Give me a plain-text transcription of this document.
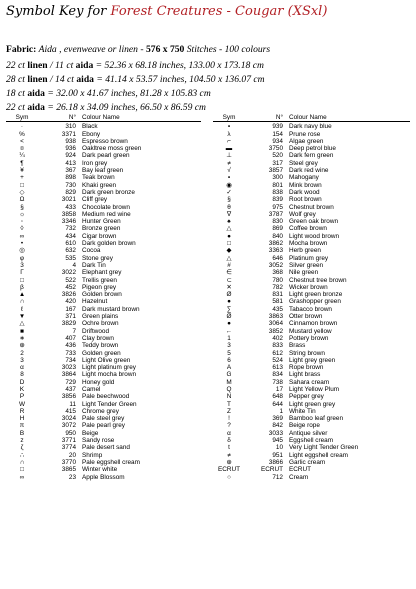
Symbol Key for Forest Creatures - Cougar (XSxl)
Fabric: Aida , evenweave or linen - 576 x 750 Stitches - 100 colours
22 ct linen / 11 ct aida = 52.36 x 68.18 inches, 133.00 x 173.18 cm
28 ct linen / 14 ct aida = 41.14 x 53.57 inches, 104.50 x 136.07 cm
18 ct aida = 32.00 x 41.67 inches, 81.28 x 105.83 cm
22 ct aida = 26.18 x 34.09 inches, 66.50 x 86.59 cm
Sym	N° Colour Name
·	310 Black
%	3371 Ebony
<	938 Espresso brown
¤	936 Oakltree moss green
¼	924 Dark pearl green
¶	413 Iron grey
¥	367 Bay leaf green
+	898 Teak brown
□	730 Khaki green
◇	829 Dark green bronze
Ω	3021 Cliff grey
§	433 Chocolate brown
☼	3858 Medium red wine
◦	3346 Hunter Green
◊	732 Bronze green
∞	434 Cigar brown
•	610 Dark golden brown
◎	632 Cocoa
φ	535 Stone grey
3	4 Dark Tin
Γ	3022 Elephant grey
□	522 Trellis green
β	452 Pigeon grey
▲	3826 Golden brown
∩	420 Hazelnut
ℓ	167 Dark mustard brown
▼	371 Green plains
△	3829 Ochre brown
■	7 Driftwood
∗	407 Clay brown
⊕	436 Teddy brown
2	733 Golden green
3	734 Light Olive green
α	3023 Light platinum grey
8	3864 Light mocha brown
D	729 Honey gold
K	437 Camel
P	3856 Pale beechwood
W	11 Light Tender Green
R	415 Chrome grey
H	3024 Pale steel grey
π	3072 Pale pearl grey
B	950 Beige
z	3771 Sandy rose
ζ	3774 Pale desert sand
∴	20 Shrimp
∩	3770 Pale eggshell cream
□	3865 Winter white
∞	23 Apple Blossom
Sym	N° Colour Name
▪	939 Dark navy blue
λ	154 Prune rose
⌐	934 Algae green
▬	3750 Deep petrol blue
⊥	520 Dark fern green
≠	317 Steel grey
√	3857 Dark red wine
▪	300 Mahogany
◉	801 Mink brown
✓	838 Dark wood
§	839 Root brown
θ	975 Chestnut brown
∇	3787 Wolf grey
♠	830 Green oak brown
△	869 Coffee brown
●	840 Light wood brown
□	3862 Mocha brown
◆	3363 Herb green
△	646 Platinum grey
#	3052 Silver green
∈	368 Nile green
⊂	780 Chestnut tree brown
✕	782 Wicker brown
Ø	831 Light green bronze
●	581 Grashopper green
∑	435 Tabacco brown
Ø	3863 Otter brown
●	3064 Cinnamon brown
←	3852 Mustard yellow
1	402 Pottery brown
3	833 Brass
5	612 String brown
6	524 Light grey green
A	613 Rope brown
G	834 Light brass
M	738 Sahara cream
Q	17 Light Yellow Plum
N	648 Pepper grey
T	644 Light green grey
Z	1 White Tin
!	369 Bamboo leaf green
?	842 Beige rope
α	3033 Antique silver
δ	945 Eggshell cream
t	10 Very Light Tender Green
≠	951 Light eggshell cream
⊕	3866 Garlic cream
ECRUT	ECRUT ECRUT
○	712 Cream
